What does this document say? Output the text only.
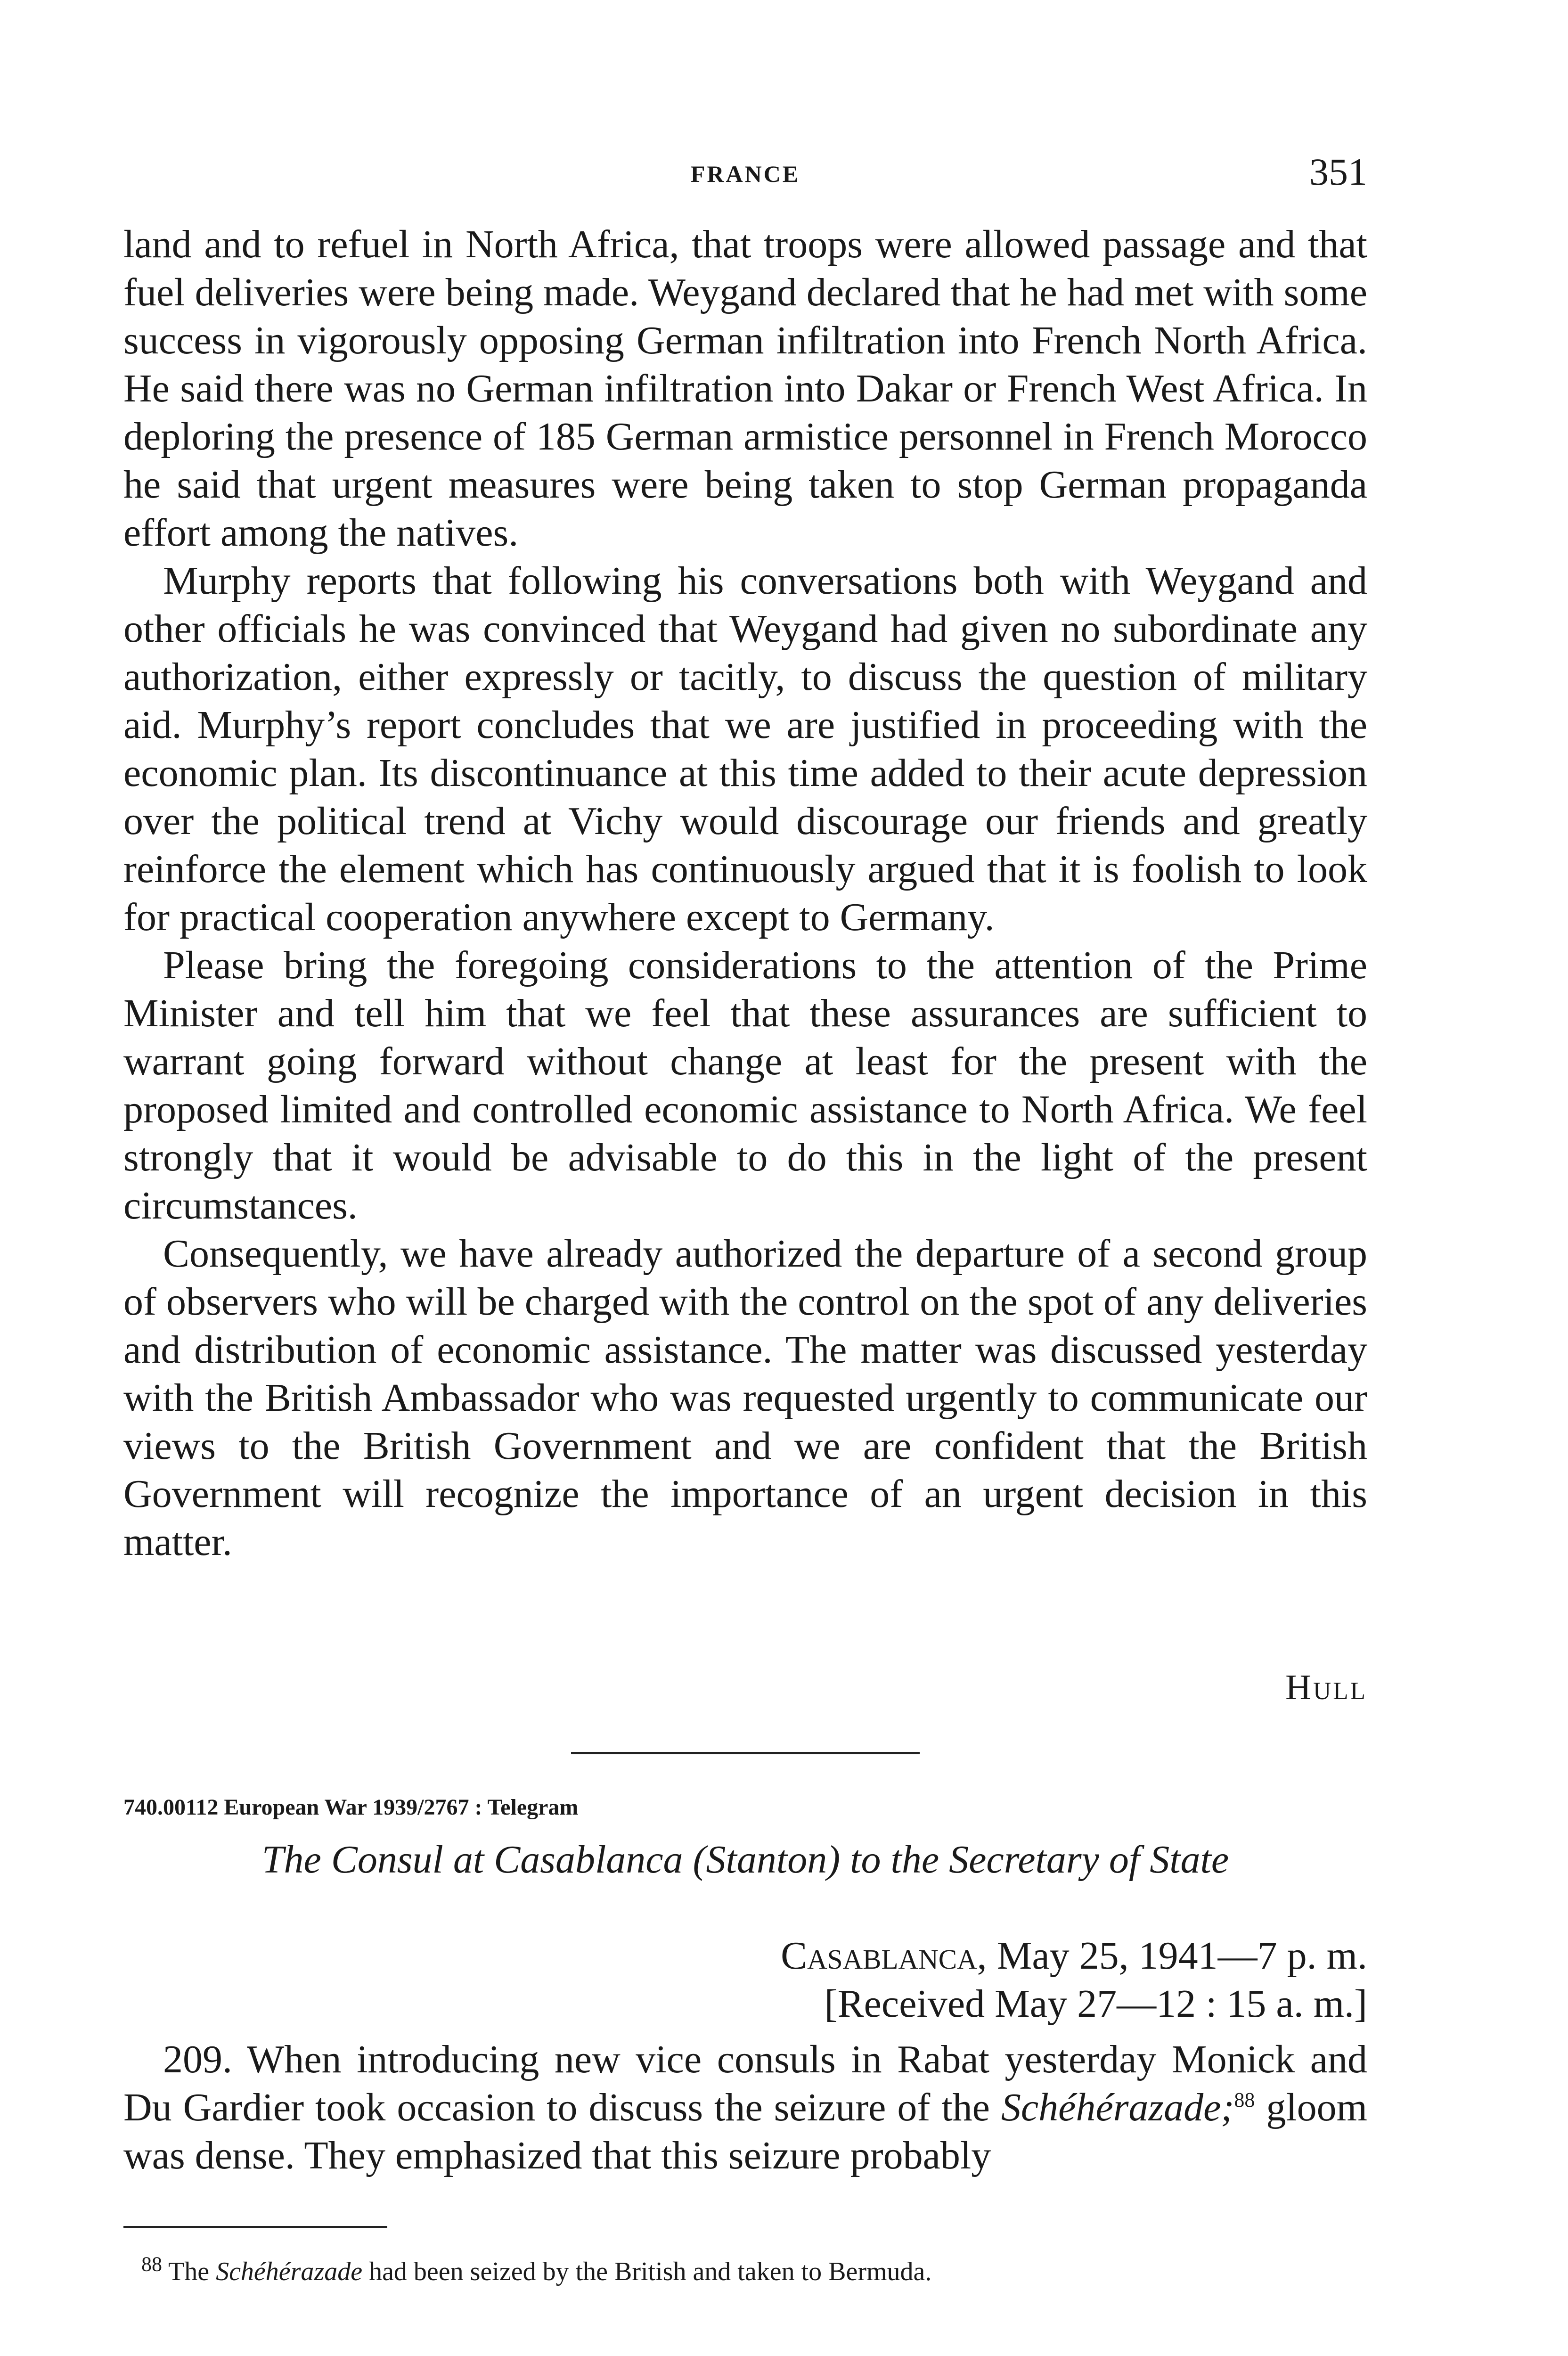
FRANCE	351

land and to refuel in North Africa, that troops were allowed passage and that fuel deliveries were being made. Weygand declared that he had met with some success in vigorously opposing German infiltration into French North Africa. He said there was no German infiltration into Dakar or French West Africa. In deploring the presence of 185 German armistice personnel in French Morocco he said that urgent measures were being taken to stop German propaganda effort among the natives.

Murphy reports that following his conversations both with Weygand and other officials he was convinced that Weygand had given no subordinate any authorization, either expressly or tacitly, to discuss the question of military aid. Murphy’s report concludes that we are justified in proceeding with the economic plan. Its discontinuance at this time added to their acute depression over the political trend at Vichy would discourage our friends and greatly reinforce the element which has continuously argued that it is foolish to look for practical cooperation anywhere except to Germany.

Please bring the foregoing considerations to the attention of the Prime Minister and tell him that we feel that these assurances are sufficient to warrant going forward without change at least for the present with the proposed limited and controlled economic assistance to North Africa. We feel strongly that it would be advisable to do this in the light of the present circumstances.

Consequently, we have already authorized the departure of a second group of observers who will be charged with the control on the spot of any deliveries and distribution of economic assistance. The matter was discussed yesterday with the British Ambassador who was requested urgently to communicate our views to the British Government and we are confident that the British Government will recognize the importance of an urgent decision in this matter.

Hull
740.00112 European War 1939/2767 : Telegram
The Consul at Casablanca (Stanton) to the Secretary of State
Casablanca, May 25, 1941—7 p. m.
[Received May 27—12 : 15 a. m.]

209. When introducing new vice consuls in Rabat yesterday Monick and Du Gardier took occasion to discuss the seizure of the Schéhérazade;$^{88}$ gloom was dense. They emphasized that this seizure probably

$^{88}$ The Schéhérazade had been seized by the British and taken to Bermuda.
